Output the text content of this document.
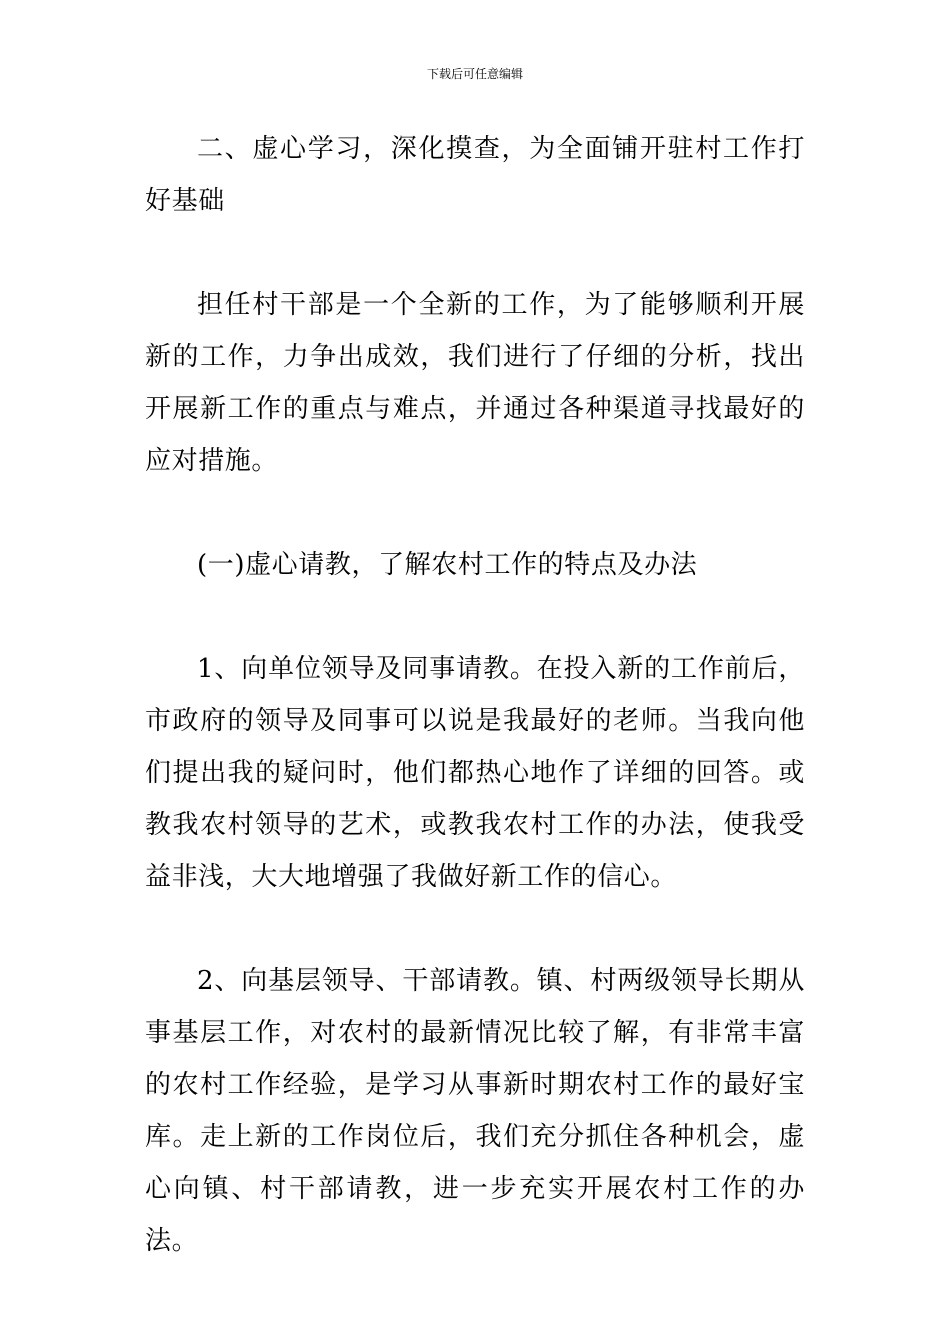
下载后可任意编辑

二、虚心学习，深化摸查，为全面铺开驻村工作打好基础

担任村干部是一个全新的工作，为了能够顺利开展新的工作，力争出成效，我们进行了仔细的分析，找出开展新工作的重点与难点，并通过各种渠道寻找最好的应对措施。

(一)虚心请教，了解农村工作的特点及办法

1、向单位领导及同事请教。在投入新的工作前后，市政府的领导及同事可以说是我最好的老师。当我向他们提出我的疑问时，他们都热心地作了详细的回答。或教我农村领导的艺术，或教我农村工作的办法，使我受益非浅，大大地增强了我做好新工作的信心。

2、向基层领导、干部请教。镇、村两级领导长期从事基层工作，对农村的最新情况比较了解，有非常丰富的农村工作经验，是学习从事新时期农村工作的最好宝库。走上新的工作岗位后，我们充分抓住各种机会，虚心向镇、村干部请教，进一步充实开展农村工作的办法。
